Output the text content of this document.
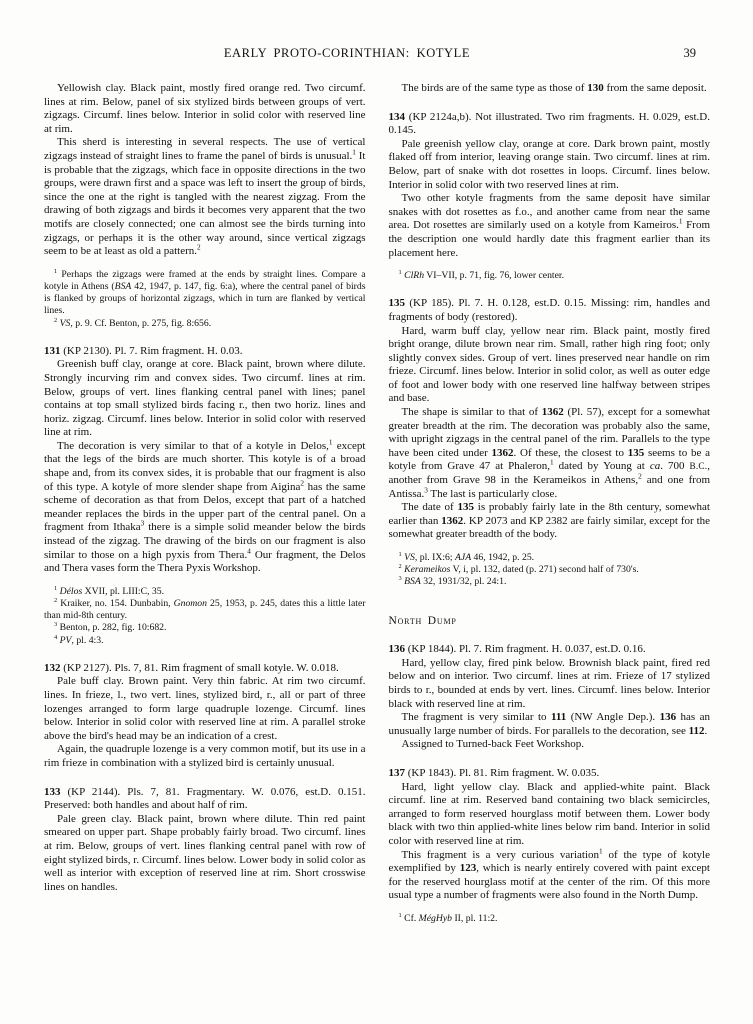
EARLY PROTO-CORINTHIAN: KOTYLE	39

Yellowish clay. Black paint, mostly fired orange red. Two circumf. lines at rim. Below, panel of six stylized birds between groups of vert. zigzags. Circumf. lines below. Interior in solid color with reserved line at rim.

This sherd is interesting in several respects. The use of vertical zigzags instead of straight lines to frame the panel of birds is unusual.$^1$ It is probable that the zigzags, which face in opposite directions in the two groups, were drawn first and a space was left to insert the group of birds, since the one at the right is tangled with the nearest zigzag. From the drawing of both zigzags and birds it becomes very apparent that the two motifs are closely connected; one can almost see the birds turning into zigzags, or perhaps it is the other way around, since vertical zigzags seem to be at least as old a pattern.$^2$

$^1$ Perhaps the zigzags were framed at the ends by straight lines. Compare a kotyle in Athens (BSA 42, 1947, p. 147, fig. 6:a), where the central panel of birds is flanked by groups of horizontal zigzags, which in turn are flanked by vertical lines.

$^2$ VS, p. 9. Cf. Benton, p. 275, fig. 8:656.

131 (KP 2130). Pl. 7. Rim fragment. H. 0.03.

Greenish buff clay, orange at core. Black paint, brown where dilute. Strongly incurving rim and convex sides. Two circumf. lines at rim. Below, groups of vert. lines flanking central panel with lines; panel contains at top small stylized birds facing r., then two horiz. lines and horiz. zigzag. Circumf. lines below. Interior in solid color with reserved line at rim.

The decoration is very similar to that of a kotyle in Delos,$^1$ except that the legs of the birds are much shorter. This kotyle is of a broad shape and, from its convex sides, it is probable that our fragment is also of this type. A kotyle of more slender shape from Aigina$^2$ has the same scheme of decoration as that from Delos, except that part of a hatched meander replaces the birds in the upper part of the central panel. On a fragment from Ithaka$^3$ there is a simple solid meander below the birds instead of the zigzag. The drawing of the birds on our fragment is also similar to those on a high pyxis from Thera.$^4$ Our fragment, the Delos and Thera vases form the Thera Pyxis Workshop.

$^1$ Délos XVII, pl. LIII:C, 35.

$^2$ Kraiker, no. 154. Dunbabin, Gnomon 25, 1953, p. 245, dates this a little later than mid-8th century.

$^3$ Benton, p. 282, fig. 10:682.

$^4$ PV, pl. 4:3.

132 (KP 2127). Pls. 7, 81. Rim fragment of small kotyle. W. 0.018.

Pale buff clay. Brown paint. Very thin fabric. At rim two circumf. lines. In frieze, l., two vert. lines, stylized bird, r., all or part of three lozenges arranged to form large quadruple lozenge. Circumf. lines below. Interior in solid color with reserved line at rim. A parallel stroke above the bird's head may be an indication of a crest.

Again, the quadruple lozenge is a very common motif, but its use in a rim frieze in combination with a stylized bird is certainly unusual.

133 (KP 2144). Pls. 7, 81. Fragmentary. W. 0.076, est.D. 0.151. Preserved: both handles and about half of rim.

Pale green clay. Black paint, brown where dilute. Thin red paint smeared on upper part. Shape probably fairly broad. Two circumf. lines at rim. Below, groups of vert. lines flanking central panel with row of eight stylized birds, r. Circumf. lines below. Lower body in solid color as well as interior with exception of reserved line at rim. Short crosswise lines on handles.

The birds are of the same type as those of 130 from the same deposit.

134 (KP 2124a,b). Not illustrated. Two rim fragments. H. 0.029, est.D. 0.145.

Pale greenish yellow clay, orange at core. Dark brown paint, mostly flaked off from interior, leaving orange stain. Two circumf. lines at rim. Below, part of snake with dot rosettes in loops. Circumf. lines below. Interior in solid color with two reserved lines at rim.

Two other kotyle fragments from the same deposit have similar snakes with dot rosettes as f.o., and another came from near the same area. Dot rosettes are similarly used on a kotyle from Kameiros.$^1$ From the description one would hardly date this fragment earlier than its placement here.

$^1$ ClRh VI–VII, p. 71, fig. 76, lower center.

135 (KP 185). Pl. 7. H. 0.128, est.D. 0.15. Missing: rim, handles and fragments of body (restored).

Hard, warm buff clay, yellow near rim. Black paint, mostly fired bright orange, dilute brown near rim. Small, rather high ring foot; only slightly convex sides. Group of vert. lines preserved near handle on rim frieze. Circumf. lines below. Interior in solid color, as well as outer edge of foot and lower body with one reserved line halfway between stripes and base.

The shape is similar to that of 1362 (Pl. 57), except for a somewhat greater breadth at the rim. The decoration was probably also the same, with upright zigzags in the central panel of the rim. Parallels to the type have been cited under 1362. Of these, the closest to 135 seems to be a kotyle from Grave 47 at Phaleron,$^1$ dated by Young at ca. 700 B.C., another from Grave 98 in the Kerameikos in Athens,$^2$ and one from Antissa.$^3$ The last is particularly close.

The date of 135 is probably fairly late in the 8th century, somewhat earlier than 1362. KP 2073 and KP 2382 are fairly similar, except for the somewhat greater breadth of the body.

$^1$ VS, pl. IX:6; AJA 46, 1942, p. 25.

$^2$ Kerameikos V, i, pl. 132, dated (p. 271) second half of 730's.

$^3$ BSA 32, 1931/32, pl. 24:1.

North Dump

136 (KP 1844). Pl. 7. Rim fragment. H. 0.037, est.D. 0.16.

Hard, yellow clay, fired pink below. Brownish black paint, fired red below and on interior. Two circumf. lines at rim. Frieze of 17 stylized birds to r., bounded at ends by vert. lines. Circumf. lines below. Interior black with reserved line at rim.

The fragment is very similar to 111 (NW Angle Dep.). 136 has an unusually large number of birds. For parallels to the decoration, see 112.

Assigned to Turned-back Feet Workshop.

137 (KP 1843). Pl. 81. Rim fragment. W. 0.035.

Hard, light yellow clay. Black and applied-white paint. Black circumf. line at rim. Reserved band containing two black semicircles, arranged to form reserved hourglass motif between them. Lower body black with two thin applied-white lines below rim band. Interior in solid color with reserved line at rim.

This fragment is a very curious variation$^1$ of the type of kotyle exemplified by 123, which is nearly entirely covered with paint except for the reserved hourglass motif at the center of the rim. Of this more usual type a number of fragments were also found in the North Dump.

$^1$ Cf. MégHyb II, pl. 11:2.
